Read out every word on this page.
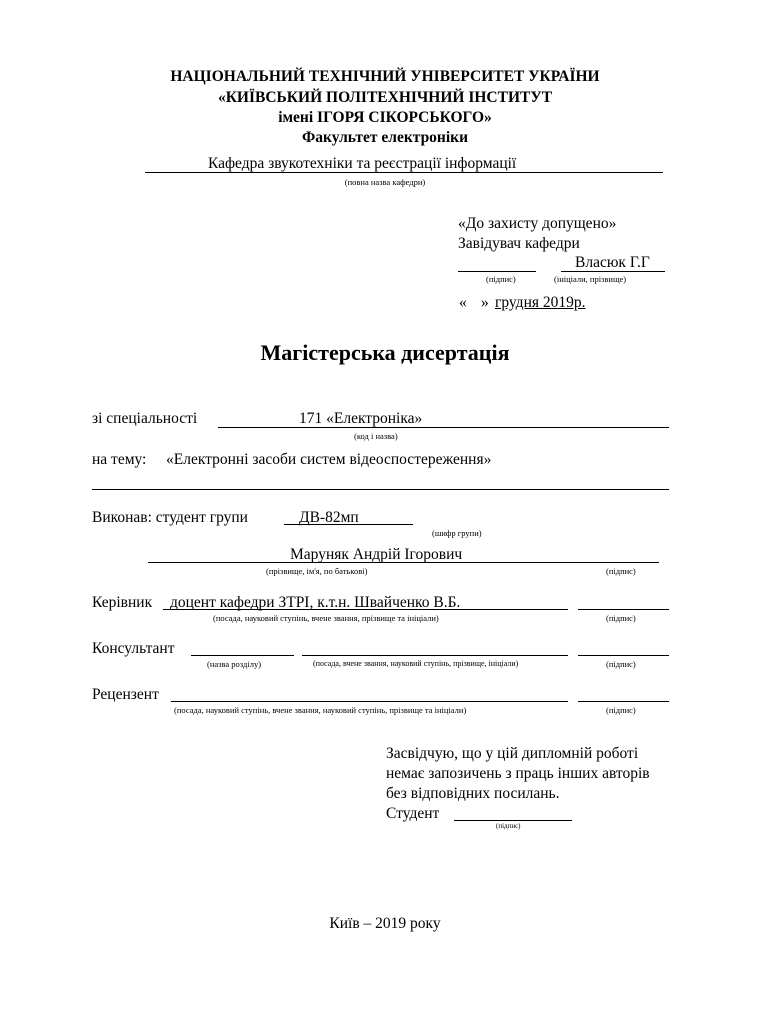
НАЦІОНАЛЬНИЙ ТЕХНІЧНИЙ УНІВЕРСИТЕТ УКРАЇНИ
«КИЇВСЬКИЙ ПОЛІТЕХНІЧНИЙ ІНСТИТУТ
імені ІГОРЯ СІКОРСЬКОГО»
Факультет електроніки
Кафедра звукотехніки та реєстрації інформації
(повна назва кафедри)
«До захисту допущено»
Завідувач кафедри
Власюк Г.Г
(підпис)	(ініціали, прізвище)
« » грудня 2019р.
Магістерська дисертація
зі спеціальності	171 «Електроніка»
(код і назва)
на тему: «Електронні засоби систем відеоспостереження»
Виконав: студент групи	ДВ-82мп
(шифр групи)
Маруняк Андрій Ігорович
(прізвище, ім'я, по батькові)	(підпис)
Керівник доцент кафедри ЗТРІ, к.т.н. Швайченко В.Б.
(посада, науковий ступінь, вчене звання, прізвище та ініціали)	(підпис)
Консультант
(назва розділу)	(посада, вчене звання, науковий ступінь, прізвище, ініціали)	(підпис)
Рецензент
(посада, науковий ступінь, вчене звання, науковий ступінь, прізвище та ініціали)	(підпис)
Засвідчую, що у цій дипломній роботі
немає запозичень з праць інших авторів
без відповідних посилань.
Студент
(підпис)
Київ – 2019 року
